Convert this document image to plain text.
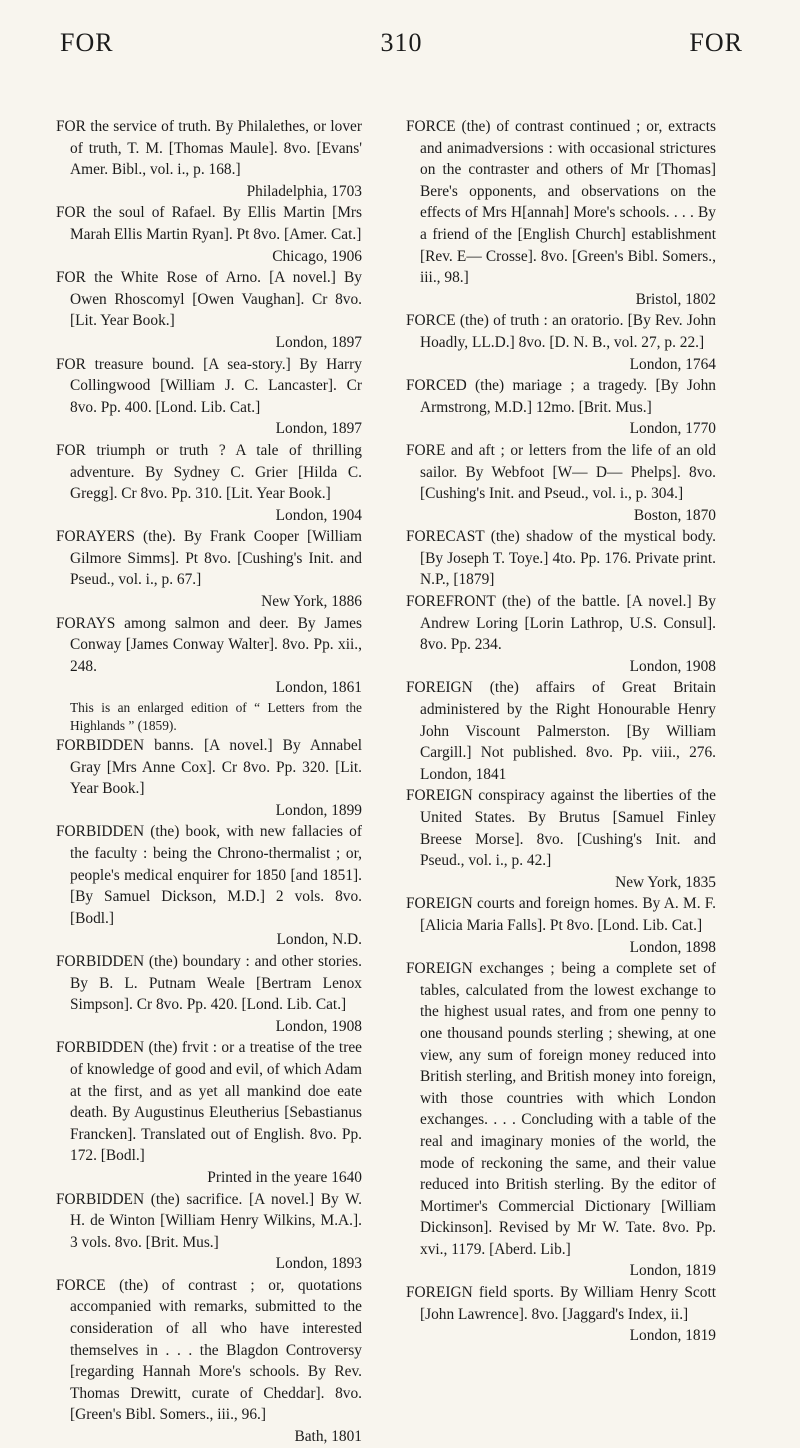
FOR	310	FOR

FOR the service of truth. By Philalethes, or lover of truth, T. M. [Thomas Maule]. 8vo. [Evans' Amer. Bibl., vol. i., p. 168.]
Philadelphia, 1703

FOR the soul of Rafael. By Ellis Martin [Mrs Marah Ellis Martin Ryan]. Pt 8vo. [Amer. Cat.]
Chicago, 1906

FOR the White Rose of Arno. [A novel.] By Owen Rhoscomyl [Owen Vaughan]. Cr 8vo. [Lit. Year Book.]
London, 1897

FOR treasure bound. [A sea-story.] By Harry Collingwood [William J. C. Lancaster]. Cr 8vo. Pp. 400. [Lond. Lib. Cat.]
London, 1897

FOR triumph or truth ? A tale of thrilling adventure. By Sydney C. Grier [Hilda C. Gregg]. Cr 8vo. Pp. 310. [Lit. Year Book.]
London, 1904

FORAYERS (the). By Frank Cooper [William Gilmore Simms]. Pt 8vo. [Cushing's Init. and Pseud., vol. i., p. 67.]
New York, 1886

FORAYS among salmon and deer. By James Conway [James Conway Walter]. 8vo. Pp. xii., 248.
London, 1861
This is an enlarged edition of “ Letters from the Highlands ” (1859).

FORBIDDEN banns. [A novel.] By Annabel Gray [Mrs Anne Cox]. Cr 8vo. Pp. 320. [Lit. Year Book.]
London, 1899

FORBIDDEN (the) book, with new fallacies of the faculty : being the Chrono-thermalist ; or, people's medical enquirer for 1850 [and 1851]. [By Samuel Dickson, M.D.] 2 vols. 8vo. [Bodl.]
London, N.D.

FORBIDDEN (the) boundary : and other stories. By B. L. Putnam Weale [Bertram Lenox Simpson]. Cr 8vo. Pp. 420. [Lond. Lib. Cat.]
London, 1908

FORBIDDEN (the) frvit : or a treatise of the tree of knowledge of good and evil, of which Adam at the first, and as yet all mankind doe eate death. By Augustinus Eleutherius [Sebastianus Francken]. Translated out of English. 8vo. Pp. 172. [Bodl.]
Printed in the yeare 1640

FORBIDDEN (the) sacrifice. [A novel.] By W. H. de Winton [William Henry Wilkins, M.A.]. 3 vols. 8vo. [Brit. Mus.]
London, 1893

FORCE (the) of contrast ; or, quotations accompanied with remarks, submitted to the consideration of all who have interested themselves in . . . the Blagdon Controversy [regarding Hannah More's schools. By Rev. Thomas Drewitt, curate of Cheddar]. 8vo. [Green's Bibl. Somers., iii., 96.]
Bath, 1801

FORCE (the) of contrast continued ; or, extracts and animadversions : with occasional strictures on the contraster and others of Mr [Thomas] Bere's opponents, and observations on the effects of Mrs H[annah] More's schools. . . . By a friend of the [English Church] establishment [Rev. E— Crosse]. 8vo. [Green's Bibl. Somers., iii., 98.]
Bristol, 1802

FORCE (the) of truth : an oratorio. [By Rev. John Hoadly, LL.D.] 8vo. [D. N. B., vol. 27, p. 22.]
London, 1764

FORCED (the) mariage ; a tragedy. [By John Armstrong, M.D.] 12mo. [Brit. Mus.]
London, 1770

FORE and aft ; or letters from the life of an old sailor. By Webfoot [W— D— Phelps]. 8vo. [Cushing's Init. and Pseud., vol. i., p. 304.]
Boston, 1870

FORECAST (the) shadow of the mystical body. [By Joseph T. Toye.] 4to. Pp. 176. Private print. N.P., [1879]

FOREFRONT (the) of the battle. [A novel.] By Andrew Loring [Lorin Lathrop, U.S. Consul]. 8vo. Pp. 234.
London, 1908

FOREIGN (the) affairs of Great Britain administered by the Right Honourable Henry John Viscount Palmerston. [By William Cargill.] Not published. 8vo. Pp. viii., 276. London, 1841

FOREIGN conspiracy against the liberties of the United States. By Brutus [Samuel Finley Breese Morse]. 8vo. [Cushing's Init. and Pseud., vol. i., p. 42.]
New York, 1835

FOREIGN courts and foreign homes. By A. M. F. [Alicia Maria Falls]. Pt 8vo. [Lond. Lib. Cat.]
London, 1898

FOREIGN exchanges ; being a complete set of tables, calculated from the lowest exchange to the highest usual rates, and from one penny to one thousand pounds sterling ; shewing, at one view, any sum of foreign money reduced into British sterling, and British money into foreign, with those countries with which London exchanges. . . . Concluding with a table of the real and imaginary monies of the world, the mode of reckoning the same, and their value reduced into British sterling. By the editor of Mortimer's Commercial Dictionary [William Dickinson]. Revised by Mr W. Tate. 8vo. Pp. xvi., 1179. [Aberd. Lib.]
London, 1819

FOREIGN field sports. By William Henry Scott [John Lawrence]. 8vo. [Jaggard's Index, ii.]
London, 1819
